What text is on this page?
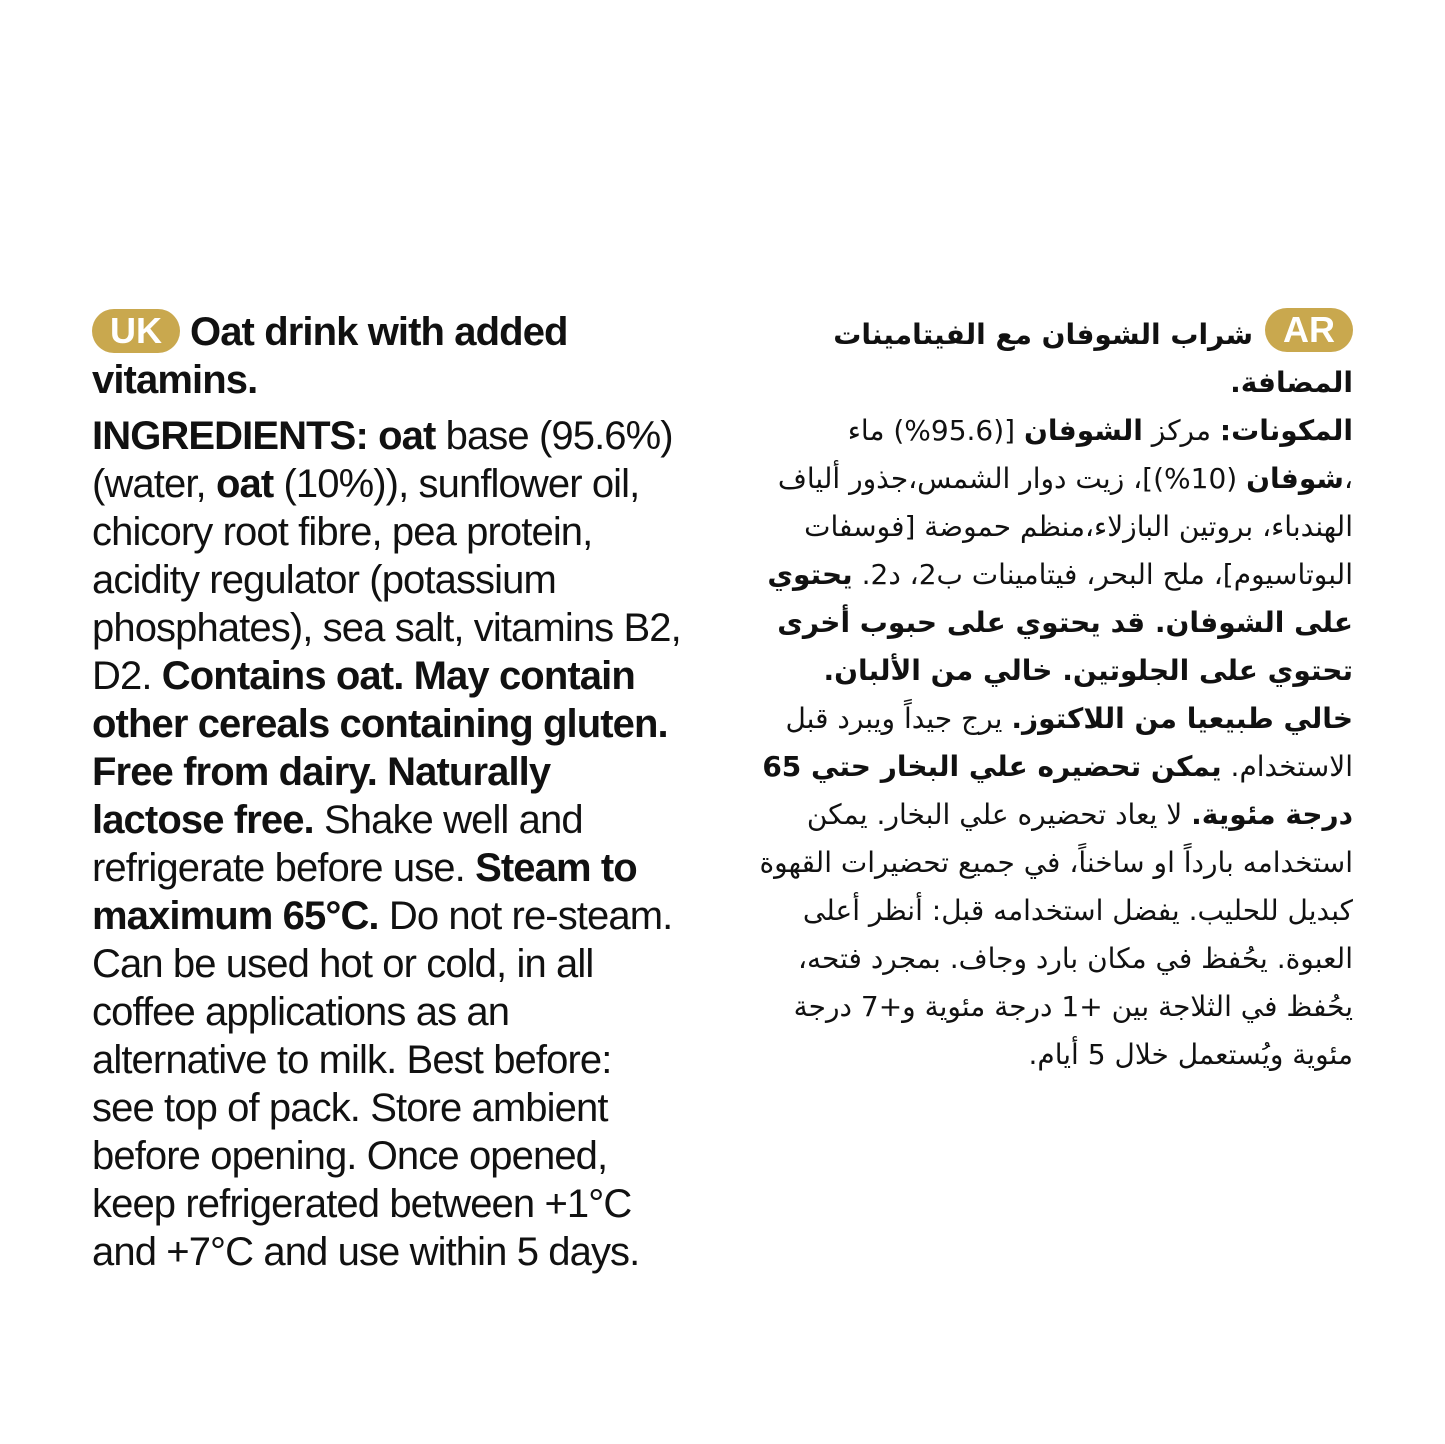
UK Oat drink with added vitamins.

INGREDIENTS: oat base (95.6%) (water, oat (10%)), sunflower oil, chicory root fibre, pea protein, acidity regulator (potassium phosphates), sea salt, vitamins B2, D2. Contains oat. May contain other cereals containing gluten. Free from dairy. Naturally lactose free. Shake well and refrigerate before use. Steam to maximum 65°C. Do not re-steam. Can be used hot or cold, in all coffee applications as an alternative to milk. Best before: see top of pack. Store ambient before opening. Once opened, keep refrigerated between +1°C and +7°C and use within 5 days.

ARشراب الشوفان مع الفيتامينات المضافة.

المكونات: مركز الشوفان [(95.6%) ماء ،شوفان (10%)]، زيت دوار الشمس،جذور ألياف الهندباء، بروتين البازلاء،منظم حموضة [فوسفات البوتاسيوم]، ملح البحر، فيتامينات ب2، د2. يحتوي على الشوفان. قد يحتوي على حبوب أخرى تحتوي على الجلوتين. خالي من الألبان. خالي طبيعيا من اللاكتوز. يرج جيداً ويبرد قبل الاستخدام. يمكن تحضيره علي البخار حتي 65 درجة مئوية. لا يعاد تحضيره علي البخار. يمكن استخدامه بارداً او ساخناً، في جميع تحضيرات القهوة كبديل للحليب. يفضل استخدامه قبل: أنظر أعلى العبوة. يحُفظ في مكان بارد وجاف. بمجرد فتحه، يحُفظ في الثلاجة بين +1 درجة مئوية و+7 درجة مئوية ويُستعمل خلال 5 أيام.
